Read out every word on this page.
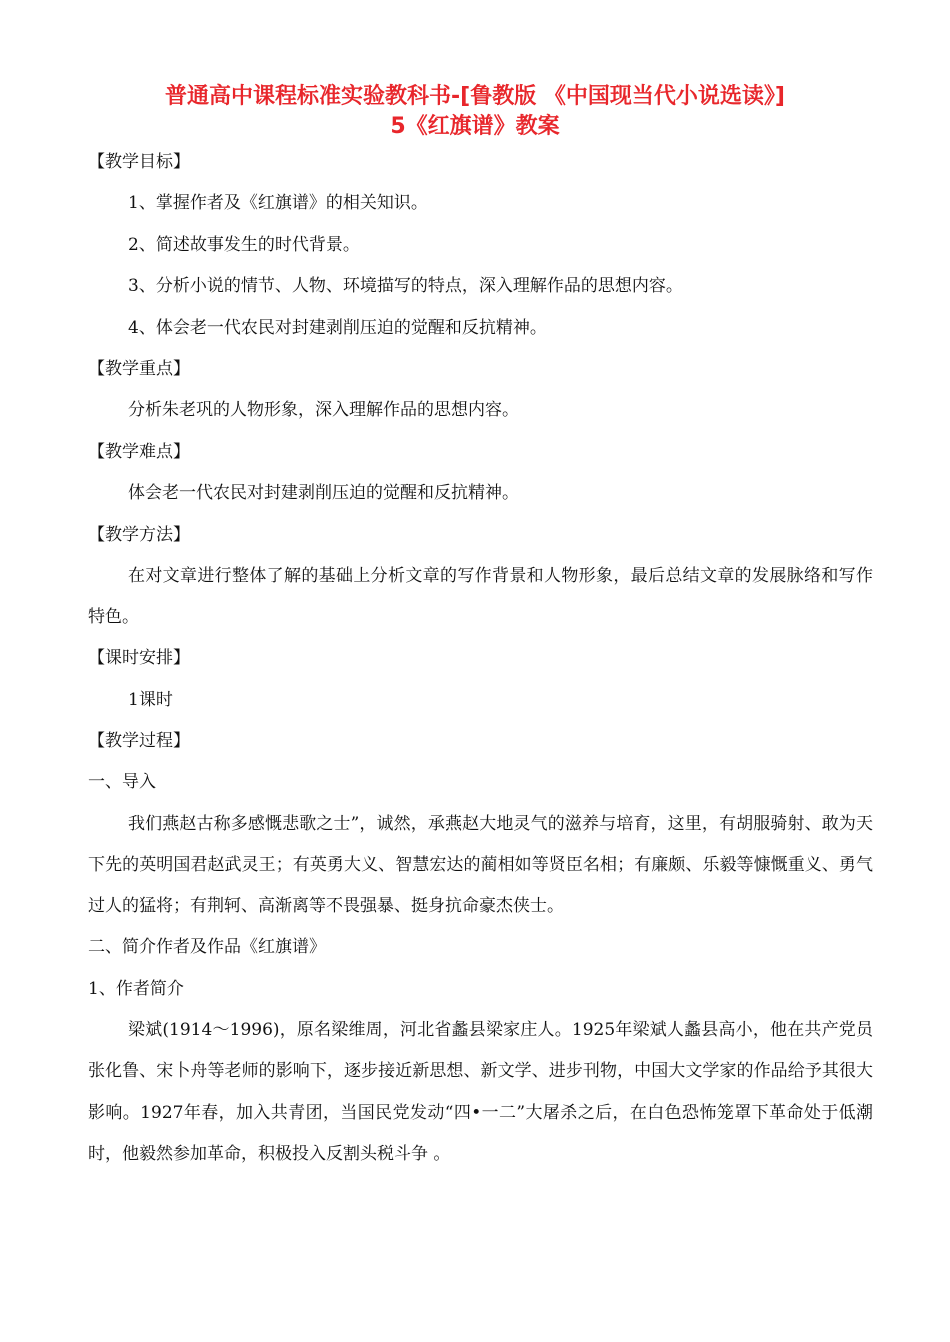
普通高中课程标准实验教科书-[鲁教版 《中国现当代小说选读》]
5《红旗谱》教案
【教学目标】
1、掌握作者及《红旗谱》的相关知识。
2、简述故事发生的时代背景。
3、分析小说的情节、人物、环境描写的特点，深入理解作品的思想内容。
4、体会老一代农民对封建剥削压迫的觉醒和反抗精神。
【教学重点】
分析朱老巩的人物形象，深入理解作品的思想内容。
【教学难点】
体会老一代农民对封建剥削压迫的觉醒和反抗精神。
【教学方法】
在对文章进行整体了解的基础上分析文章的写作背景和人物形象，最后总结文章的发展脉络和写作特色。
【课时安排】
1课时
【教学过程】
一、导入
我们燕赵古称多感慨悲歌之士”，诚然，承燕赵大地灵气的滋养与培育，这里，有胡服骑射、敢为天下先的英明国君赵武灵王；有英勇大义、智慧宏达的蔺相如等贤臣名相；有廉颇、乐毅等慷慨重义、勇气过人的猛将；有荆轲、高渐离等不畏强暴、挺身抗命豪杰侠士。
二、简介作者及作品《红旗谱》
1、作者简介
梁斌(1914～1996)，原名梁维周，河北省蠡县梁家庄人。1925年梁斌人蠡县高小，他在共产党员张化鲁、宋卜舟等老师的影响下，逐步接近新思想、新文学、进步刊物，中国大文学家的作品给予其很大影响。1927年春，加入共青团，当国民党发动“四•一二”大屠杀之后，在白色恐怖笼罩下革命处于低潮时，他毅然参加革命，积极投入反割头税斗争 。
